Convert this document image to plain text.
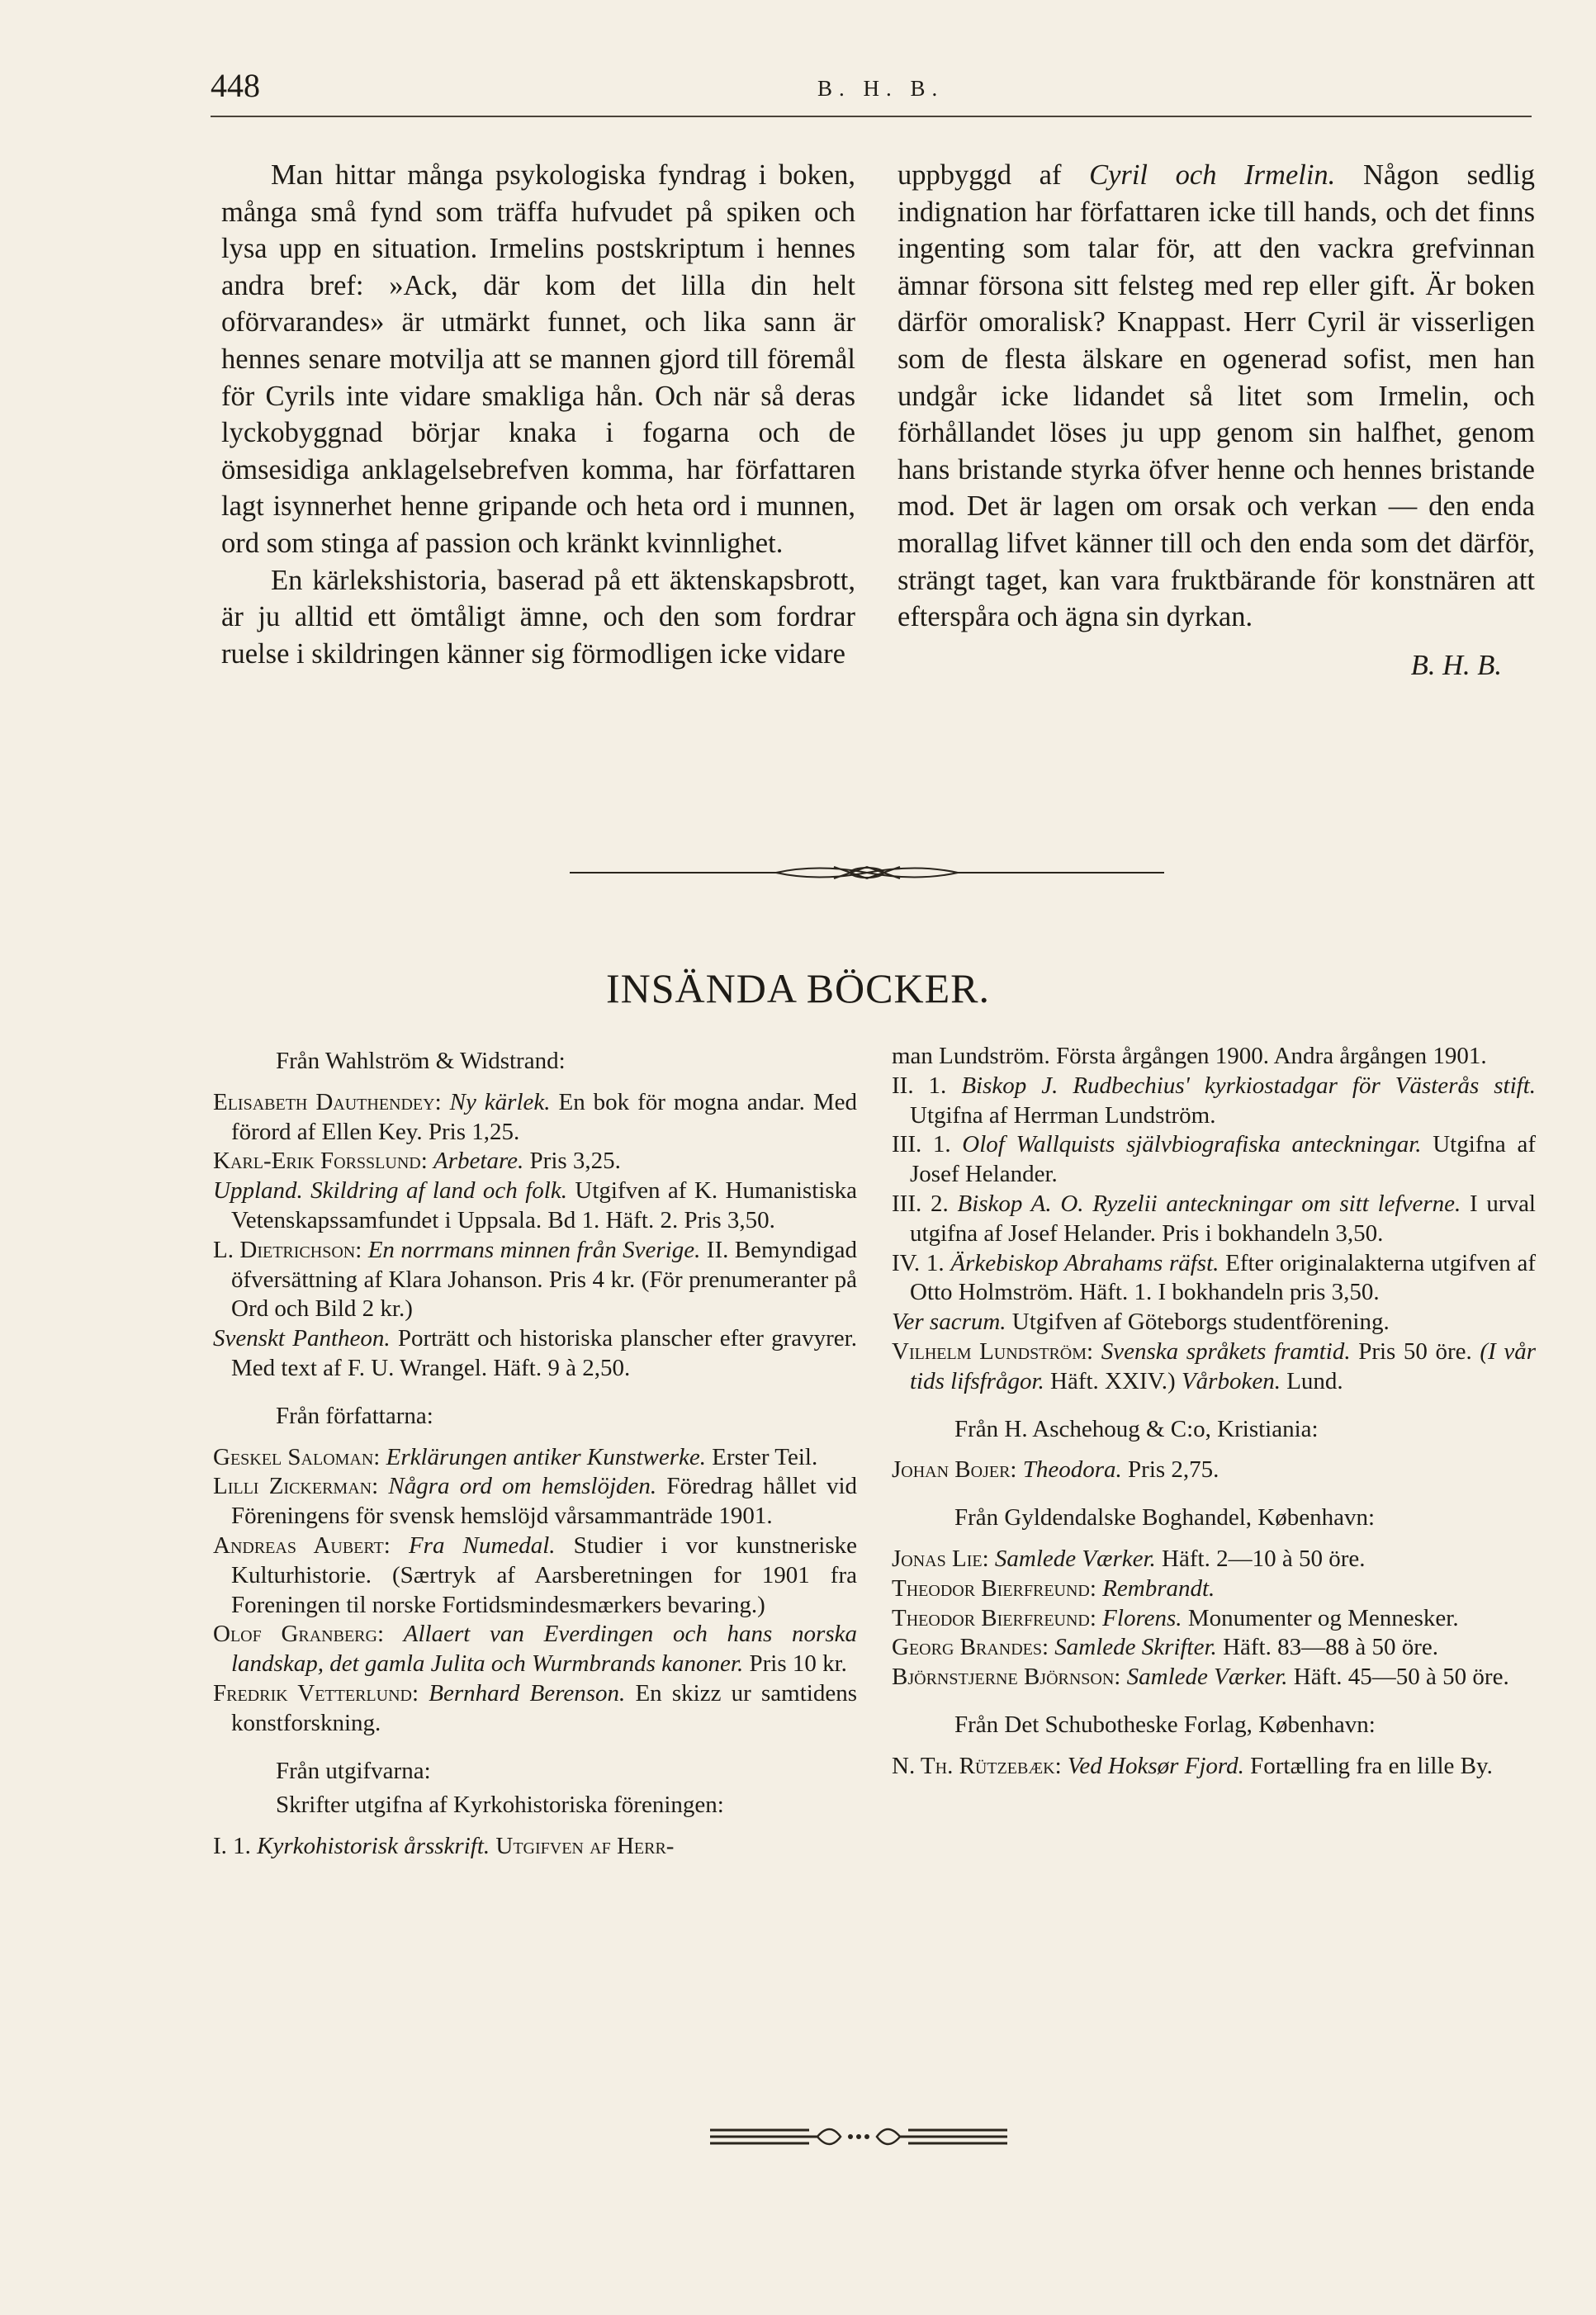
448	B. H. B.

Man hittar många psykologiska fyndrag i boken, många små fynd som träffa hufvudet på spiken och lysa upp en situation. Irmelins postskriptum i hennes andra bref: »Ack, där kom det lilla din helt oförvarandes» är utmärkt funnet, och lika sann är hennes senare motvilja att se mannen gjord till föremål för Cyrils inte vidare smakliga hån. Och när så deras lyckobyggnad börjar knaka i fogarna och de ömsesidiga anklagelsebrefven komma, har författaren lagt isynnerhet henne gripande och heta ord i munnen, ord som stinga af passion och kränkt kvinnlighet.

En kärlekshistoria, baserad på ett äktenskapsbrott, är ju alltid ett ömtåligt ämne, och den som fordrar ruelse i skildringen känner sig förmodligen icke vidare

uppbyggd af Cyril och Irmelin. Någon sedlig indignation har författaren icke till hands, och det finns ingenting som talar för, att den vackra grefvinnan ämnar försona sitt felsteg med rep eller gift. Är boken därför omoralisk? Knappast. Herr Cyril är visserligen som de flesta älskare en ogenerad sofist, men han undgår icke lidandet så litet som Irmelin, och förhållandet löses ju upp genom sin halfhet, genom hans bristande styrka öfver henne och hennes bristande mod. Det är lagen om orsak och verkan — den enda morallag lifvet känner till och den enda som det därför, strängt taget, kan vara fruktbärande för konstnären att efterspåra och ägna sin dyrkan.

B. H. B.

INSÄNDA BÖCKER.
Från Wahlström & Widstrand:

Elisabeth Dauthendey: Ny kärlek. En bok för mogna andar. Med förord af Ellen Key. Pris 1,25.

Karl-Erik Forsslund: Arbetare. Pris 3,25.

Uppland. Skildring af land och folk. Utgifven af K. Humanistiska Vetenskapssamfundet i Uppsala. Bd 1. Häft. 2. Pris 3,50.

L. Dietrichson: En norrmans minnen från Sverige. II. Bemyndigad öfversättning af Klara Johanson. Pris 4 kr. (För prenumeranter på Ord och Bild 2 kr.)

Svenskt Pantheon. Porträtt och historiska planscher efter gravyrer. Med text af F. U. Wrangel. Häft. 9 à 2,50.

Från författarna:

Geskel Saloman: Erklärungen antiker Kunstwerke. Erster Teil.

Lilli Zickerman: Några ord om hemslöjden. Föredrag hållet vid Föreningens för svensk hemslöjd vårsammanträde 1901.

Andreas Aubert: Fra Numedal. Studier i vor kunstneriske Kulturhistorie. (Særtryk af Aarsberetningen for 1901 fra Foreningen til norske Fortidsmindesmærkers bevaring.)

Olof Granberg: Allaert van Everdingen och hans norska landskap, det gamla Julita och Wurmbrands kanoner. Pris 10 kr.

Fredrik Vetterlund: Bernhard Berenson. En skizz ur samtidens konstforskning.

Från utgifvarna:
Skrifter utgifna af Kyrkohistoriska föreningen:

I. 1. Kyrkohistorisk årsskrift. Utgifven af Herr-

man Lundström. Första årgången 1900. Andra årgången 1901.

II. 1. Biskop J. Rudbechius' kyrkiostadgar för Västerås stift. Utgifna af Herrman Lundström.

III. 1. Olof Wallquists självbiografiska anteckningar. Utgifna af Josef Helander.

III. 2. Biskop A. O. Ryzelii anteckningar om sitt lefverne. I urval utgifna af Josef Helander. Pris i bokhandeln 3,50.

IV. 1. Ärkebiskop Abrahams räfst. Efter originalakterna utgifven af Otto Holmström. Häft. 1. I bokhandeln pris 3,50.

Ver sacrum. Utgifven af Göteborgs studentförening.

Vilhelm Lundström: Svenska språkets framtid. Pris 50 öre. (I vår tids lifsfrågor. Häft. XXIV.) Vårboken. Lund.

Från H. Aschehoug & C:o, Kristiania:

Johan Bojer: Theodora. Pris 2,75.

Från Gyldendalske Boghandel, København:

Jonas Lie: Samlede Værker. Häft. 2—10 à 50 öre.

Theodor Bierfreund: Rembrandt.

Theodor Bierfreund: Florens. Monumenter og Mennesker.

Georg Brandes: Samlede Skrifter. Häft. 83—88 à 50 öre.

Björnstjerne Björnson: Samlede Værker. Häft. 45—50 à 50 öre.

Från Det Schubotheske Forlag, København:

N. Th. Rützebæk: Ved Hoksør Fjord. Fortælling fra en lille By.
